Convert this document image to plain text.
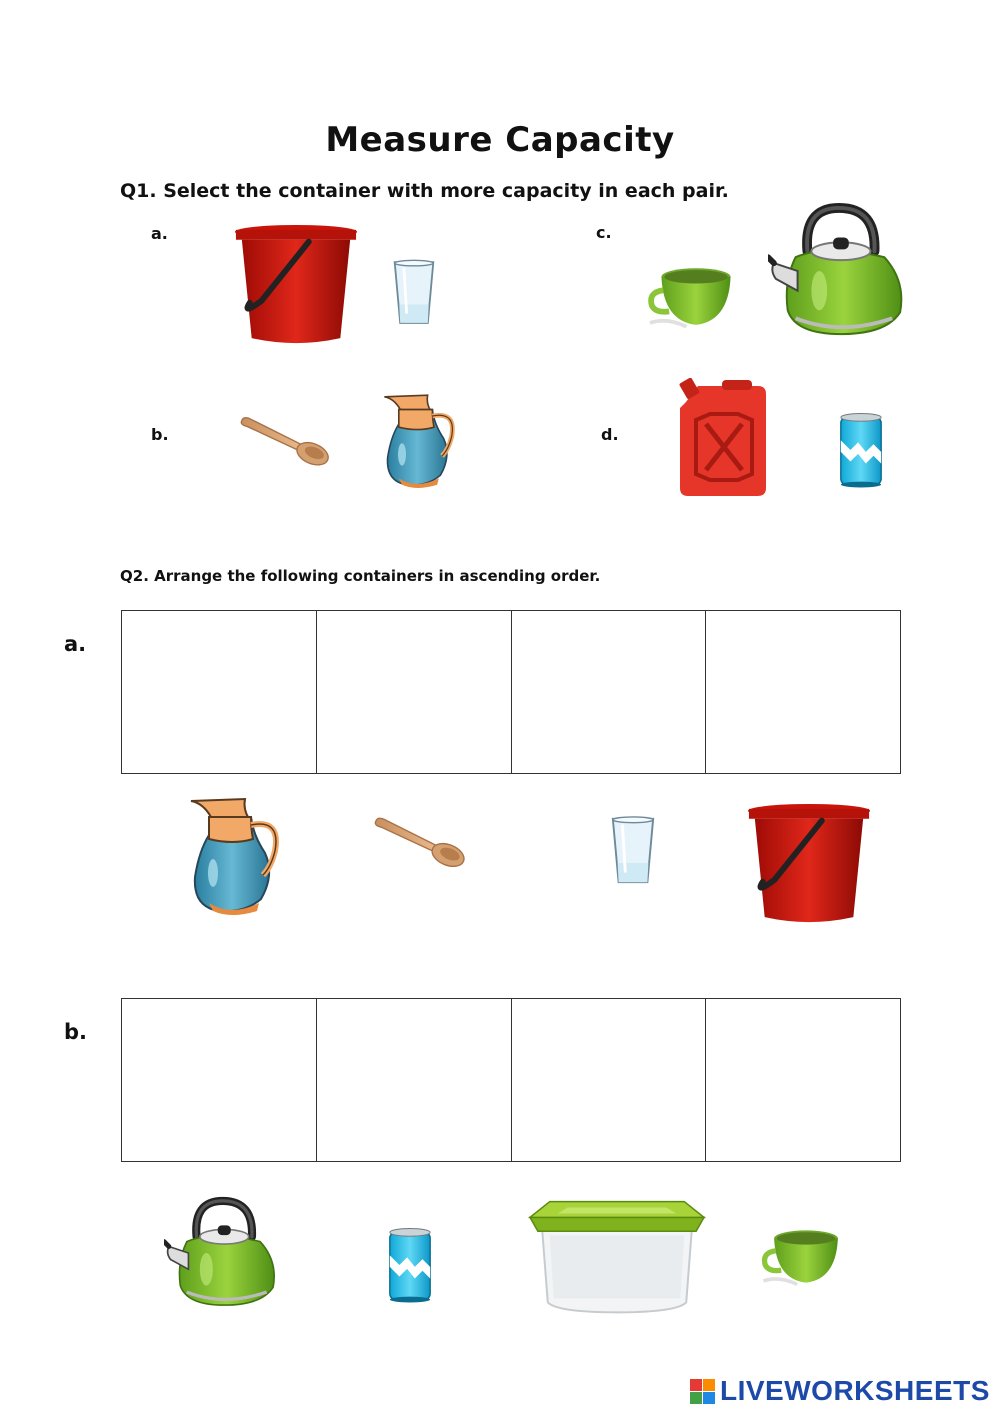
Measure Capacity
Q1. Select the container with more capacity in each pair.
a.
b.
c.
d.
Q2. Arrange the following containers in ascending order.
a.
b.
LIVEWORKSHEETS
